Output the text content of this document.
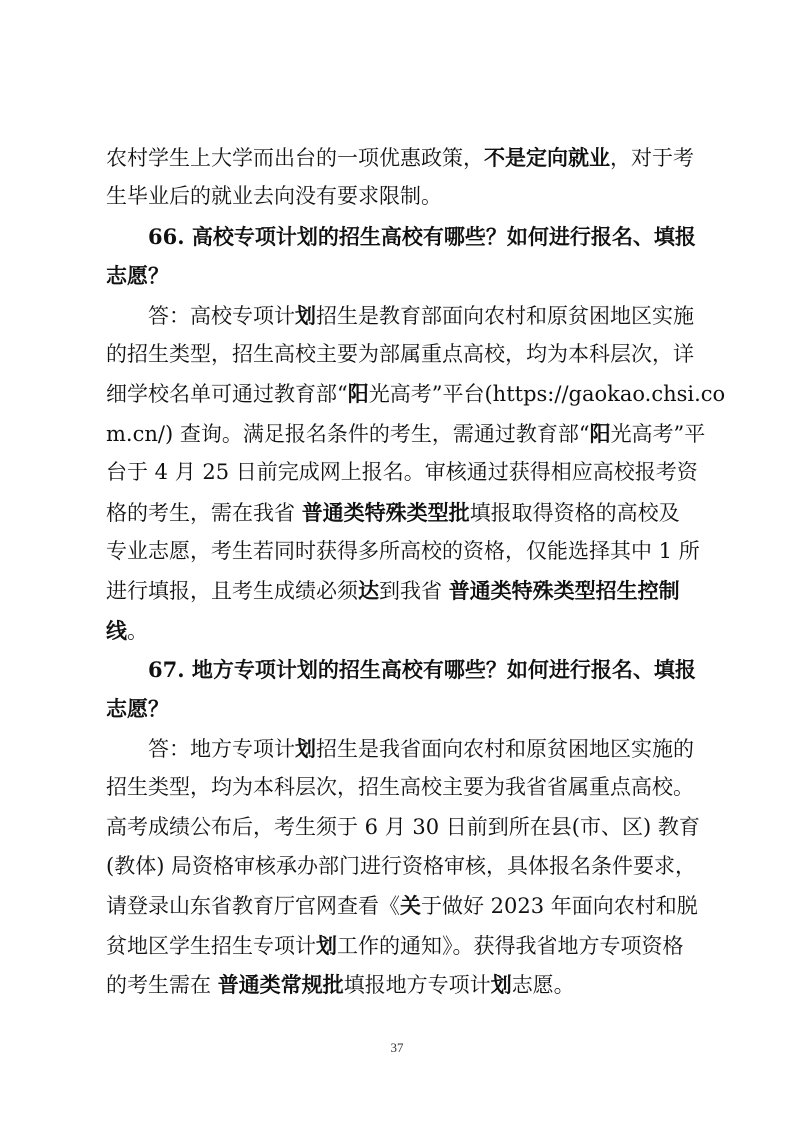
农村学生上大学而出台的一项优惠政策，不是定向就业，对于考
生毕业后的就业去向没有要求限制。
66. 高校专项计划的招生高校有哪些？如何进行报名、填报
志愿？
答：高校专项计划招生是教育部面向农村和原贫困地区实施
的招生类型，招生高校主要为部属重点高校，均为本科层次，详
细学校名单可通过教育部“阳光高考”平台(https://gaokao.chsi.co
m.cn/) 查询。满足报名条件的考生，需通过教育部“阳光高考”平
台于 4 月 25 日前完成网上报名。审核通过获得相应高校报考资
格的考生，需在我省 普通类特殊类型批填报取得资格的高校及
专业志愿，考生若同时获得多所高校的资格，仅能选择其中 1 所
进行填报，且考生成绩必须达到我省 普通类特殊类型招生控制
线。
67. 地方专项计划的招生高校有哪些？如何进行报名、填报
志愿？
答：地方专项计划招生是我省面向农村和原贫困地区实施的
招生类型，均为本科层次，招生高校主要为我省省属重点高校。
高考成绩公布后，考生须于 6 月 30 日前到所在县(市、区) 教育
(教体) 局资格审核承办部门进行资格审核，具体报名条件要求，
请登录山东省教育厅官网查看《关于做好 2023 年面向农村和脱
贫地区学生招生专项计划工作的通知》。获得我省地方专项资格
的考生需在 普通类常规批填报地方专项计划志愿。
37
